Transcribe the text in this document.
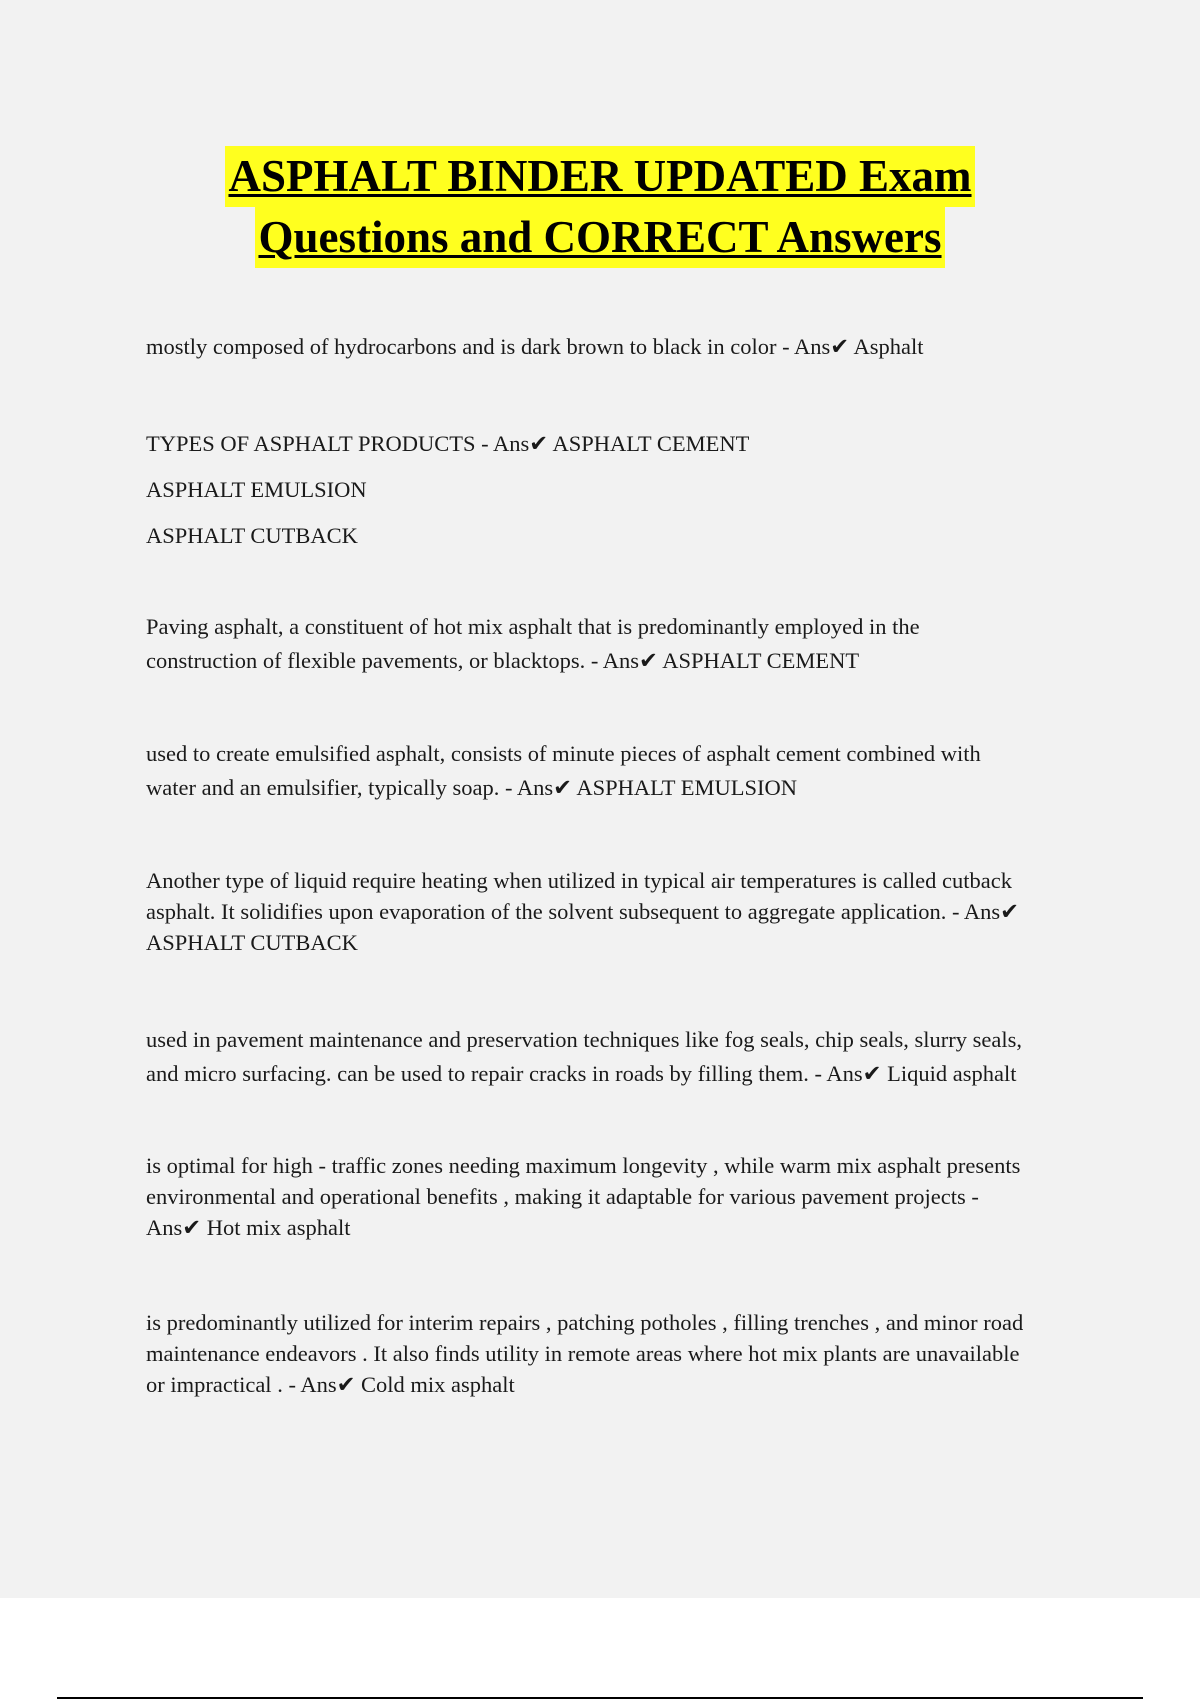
ASPHALT BINDER UPDATED Exam
Questions and CORRECT Answers
mostly composed of hydrocarbons and is dark brown to black in color - Ans✔ Asphalt
TYPES OF ASPHALT PRODUCTS - Ans✔ ASPHALT CEMENT
ASPHALT EMULSION
ASPHALT CUTBACK
Paving asphalt, a constituent of hot mix asphalt that is predominantly employed in the
construction of flexible pavements, or blacktops. - Ans✔ ASPHALT CEMENT
used to create emulsified asphalt, consists of minute pieces of asphalt cement combined with
water and an emulsifier, typically soap. - Ans✔ ASPHALT EMULSION
Another type of liquid require heating when utilized in typical air temperatures is called cutback
asphalt. It solidifies upon evaporation of the solvent subsequent to aggregate application. - Ans✔
ASPHALT CUTBACK
used in pavement maintenance and preservation techniques like fog seals, chip seals, slurry seals,
and micro surfacing. can be used to repair cracks in roads by filling them. - Ans✔ Liquid asphalt
is optimal for high - traffic zones needing maximum longevity , while warm mix asphalt presents
environmental and operational benefits , making it adaptable for various pavement projects -
Ans✔ Hot mix asphalt
is predominantly utilized for interim repairs , patching potholes , filling trenches , and minor road
maintenance endeavors . It also finds utility in remote areas where hot mix plants are unavailable
or impractical . - Ans✔ Cold mix asphalt
